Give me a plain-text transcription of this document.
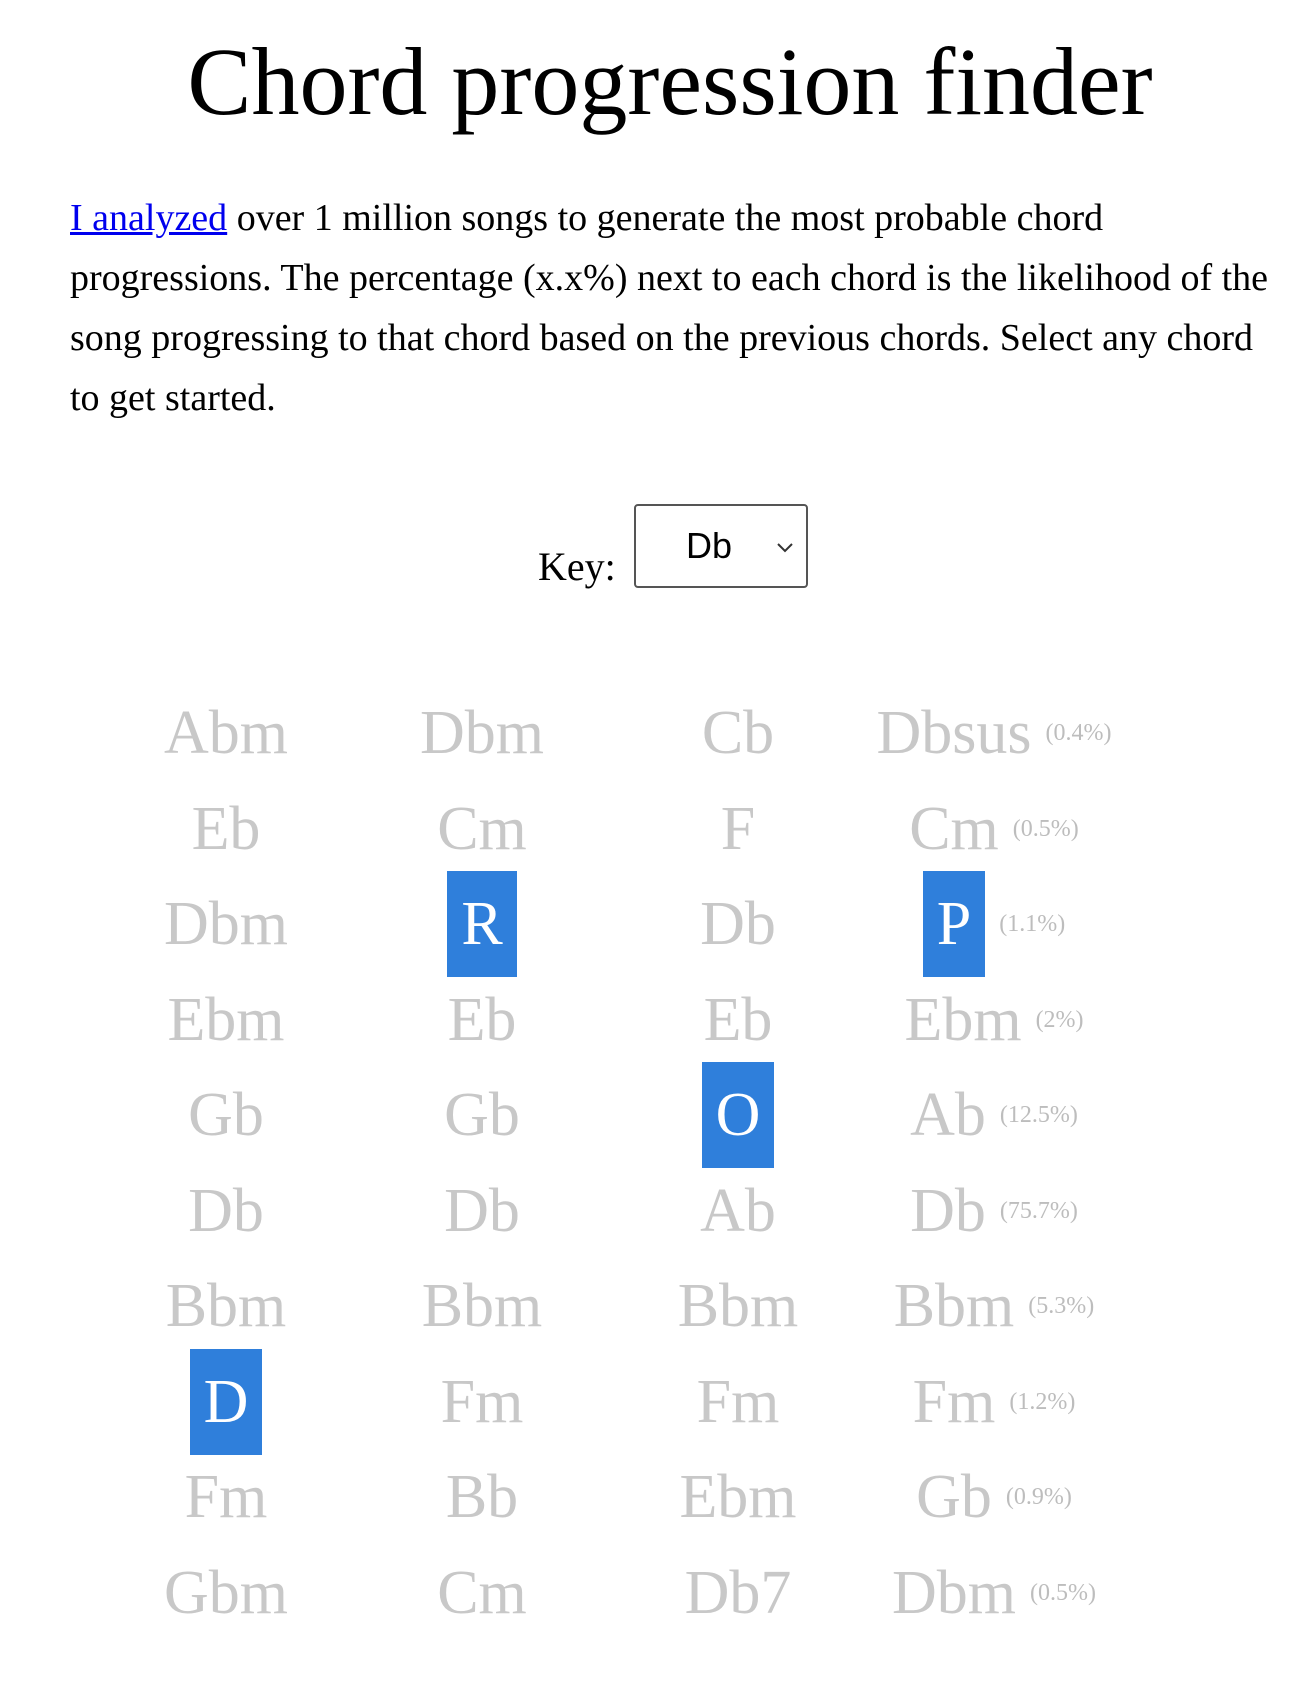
Chord progression finder

I analyzed over 1 million songs to generate the most probable chord progressions. The percentage (x.x%) next to each chord is the likelihood of the song progressing to that chord based on the previous chords. Select any chord to get started.

Key: Db
Abm
Eb
Dbm
Ebm
Gb
Db
Bbm
D
Fm
Gbm
Dbm
Cm
R
Eb
Gb
Db
Bbm
Fm
Bb
Cm
Cb
F
Db
Eb
O
Ab
Bbm
Fm
Ebm
Db7
Dbsus (0.4%)
Cm (0.5%)
P	(1.1%)
Ebm (2%)
Ab (12.5%)
Db (75.7%)
Bbm (5.3%)
Fm (1.2%)
Gb (0.9%)
Dbm (0.5%)
